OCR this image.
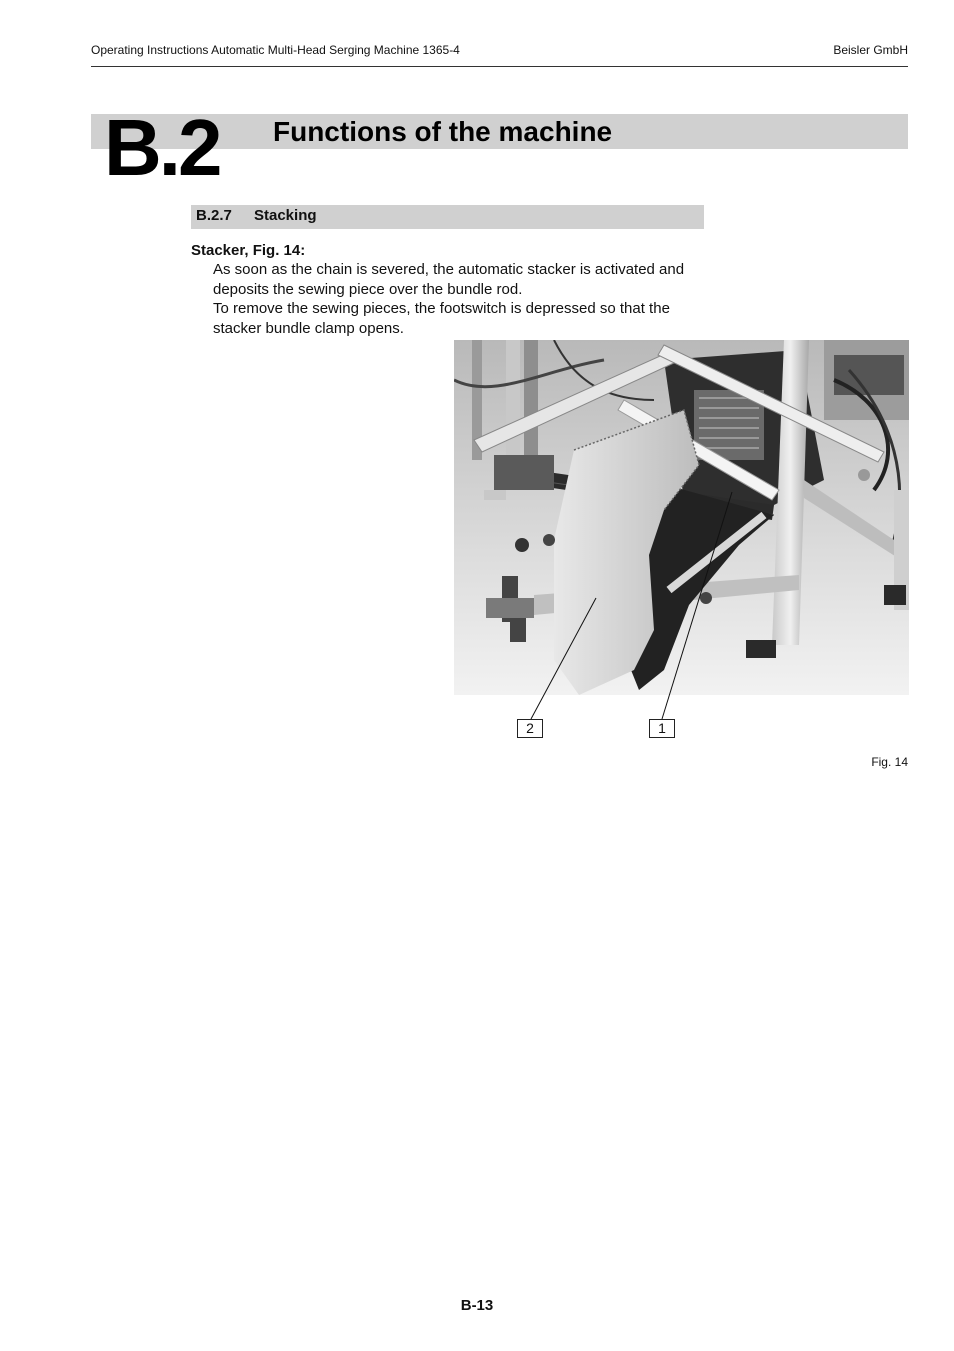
Operating Instructions Automatic Multi-Head Serging Machine 1365-4	Beisler GmbH
B.2 Functions of the machine
B.2.7 Stacking
Stacker, Fig. 14:

As soon as the chain is severed, the automatic stacker is activated and deposits the sewing piece over the bundle rod.

To remove the sewing pieces, the footswitch is depressed so that the stacker bundle clamp opens.

2	1
Fig. 14
B-13
